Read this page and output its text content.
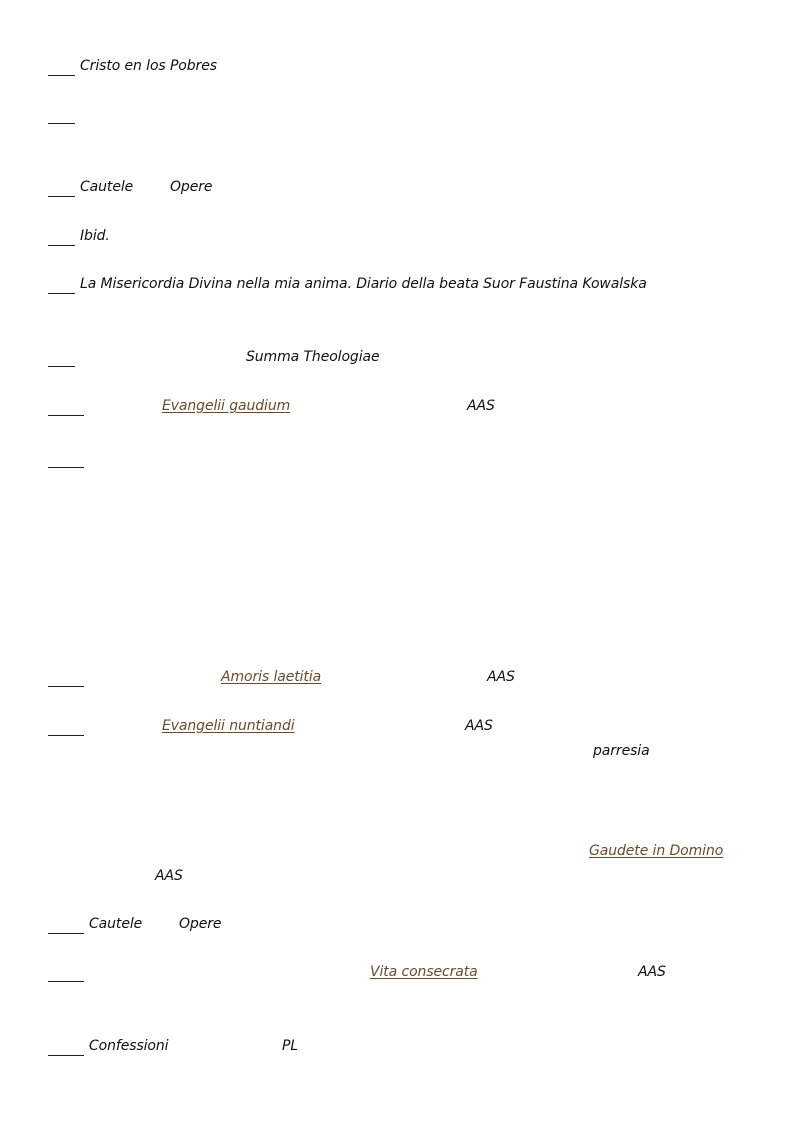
Cristo en los Pobres
Cautele	Opere
Ibid.
La Misericordia Divina nella mia anima. Diario della beata Suor Faustina Kowalska
Summa Theologiae
Evangelii gaudium	AAS
Amoris laetitia	AAS
Evangelii nuntiandi	AAS
parresia
Gaudete in Domino
AAS
Cautele	Opere
Vita consecrata	AAS
Confessioni	PL
